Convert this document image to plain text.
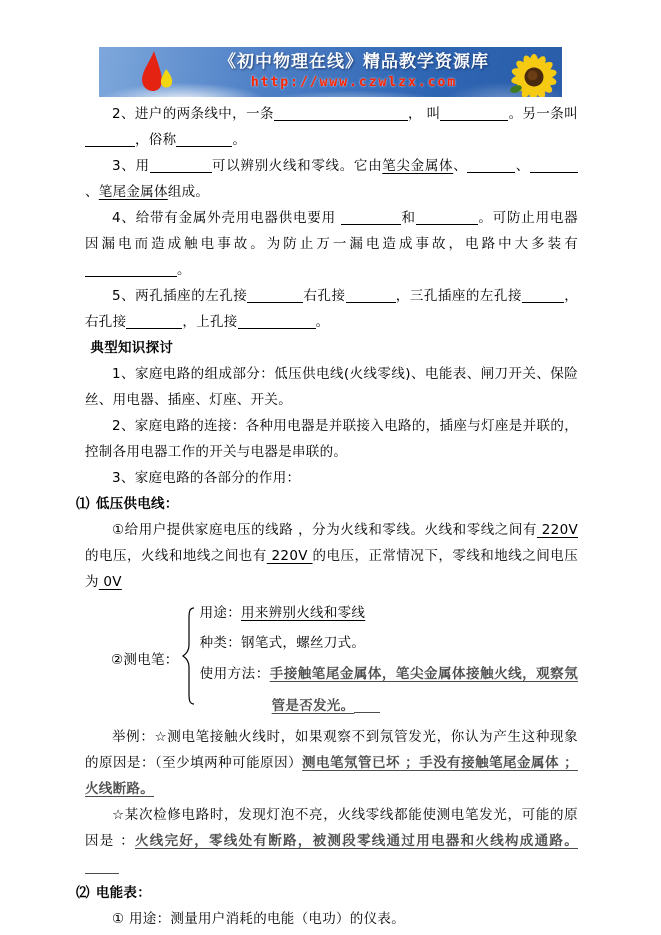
《初中物理在线》精品教学资源库
http://www.czwlzx.com

2、进户的两条线中，一条	， 叫	。另一条叫，俗称	。

3、用	可以辨别火线和零线。它由笔尖金属体、	、、笔尾金属体组成。

4、给带有金属外壳用电器供电要用	和	。可防止用电器因漏电而造成触电事故。为防止万一漏电造成事故，电路中大多装有 。

5、两孔插座的左孔接	右孔接	，三孔插座的左孔接	，右孔接	，上孔接	。

典型知识探讨

1、家庭电路的组成部分：低压供电线(火线零线)、电能表、闸刀开关、保险丝、用电器、插座、灯座、开关。

2、家庭电路的连接：各种用电器是并联接入电路的，插座与灯座是并联的，控制各用电器工作的开关与电器是串联的。

3、家庭电路的各部分的作用：

⑴ 低压供电线：

①给用户提供家庭电压的线路 ，分为火线和零线。火线和零线之间有 220V 的电压，火线和地线之间也有 220V 的电压，正常情况下，零线和地线之间电压为 0V

②测电笔：

用途：用来辨别火线和零线

种类：钢笔式，螺丝刀式。

使用方法：手接触笔尾金属体，笔尖金属体接触火线，观察氖管是否发光。

举例：☆测电笔接触火线时，如果观察不到氖管发光，你认为产生这种现象的原因是：（至少填两种可能原因）测电笔氖管已坏 ；手没有接触笔尾金属体 ；火线断路。

☆某次检修电路时，发现灯泡不亮，火线零线都能使测电笔发光，可能的原因是 ：火线完好，零线处有断路，被测段零线通过用电器和火线构成通路。

⑵ 电能表：

① 用途：测量用户消耗的电能（电功）的仪表。
